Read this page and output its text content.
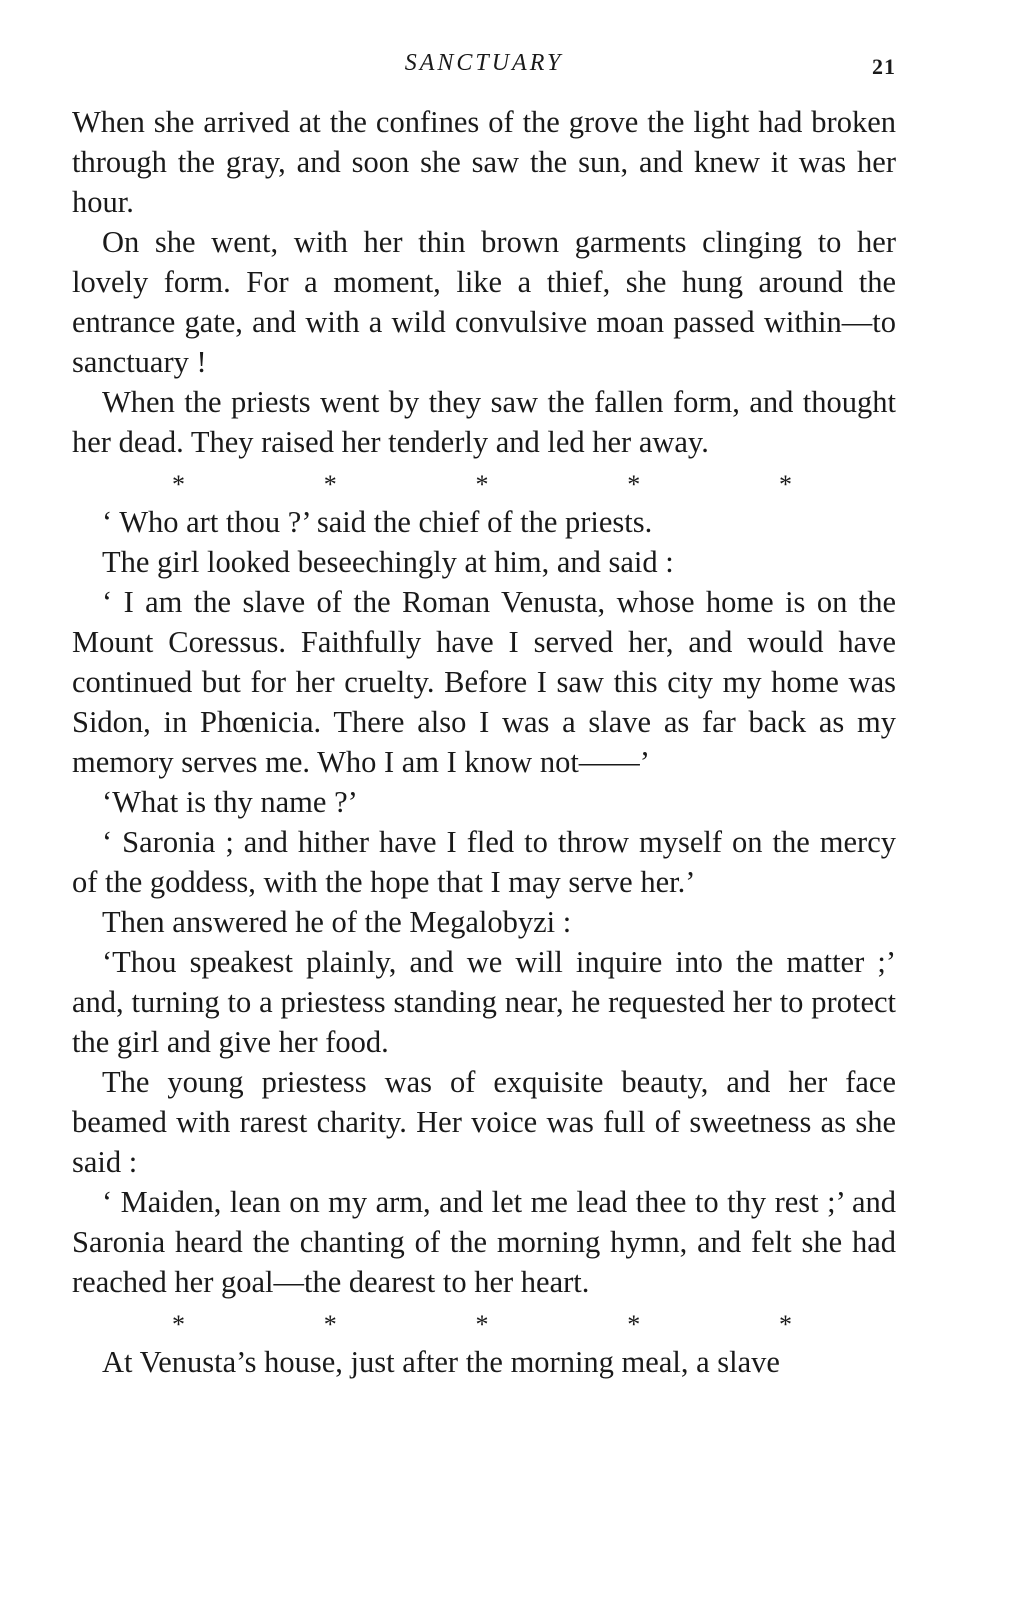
SANCTUARY	21

When she arrived at the confines of the grove the light had broken through the gray, and soon she saw the sun, and knew it was her hour.

On she went, with her thin brown garments clinging to her lovely form. For a moment, like a thief, she hung around the entrance gate, and with a wild convulsive moan passed within—to sanctuary !

When the priests went by they saw the fallen form, and thought her dead. They raised her tenderly and led her away.

*	*	*	*	*

‘ Who art thou ?’ said the chief of the priests.

The girl looked beseechingly at him, and said :

‘ I am the slave of the Roman Venusta, whose home is on the Mount Coressus. Faithfully have I served her, and would have continued but for her cruelty. Before I saw this city my home was Sidon, in Phœnicia. There also I was a slave as far back as my memory serves me. Who I am I know not——’

‘What is thy name ?’

‘ Saronia ; and hither have I fled to throw myself on the mercy of the goddess, with the hope that I may serve her.’

Then answered he of the Megalobyzi :

‘Thou speakest plainly, and we will inquire into the matter ;’ and, turning to a priestess standing near, he requested her to protect the girl and give her food.

The young priestess was of exquisite beauty, and her face beamed with rarest charity. Her voice was full of sweetness as she said :

‘ Maiden, lean on my arm, and let me lead thee to thy rest ;’ and Saronia heard the chanting of the morning hymn, and felt she had reached her goal—the dearest to her heart.

*	*	*	*	*

At Venusta’s house, just after the morning meal, a slave
